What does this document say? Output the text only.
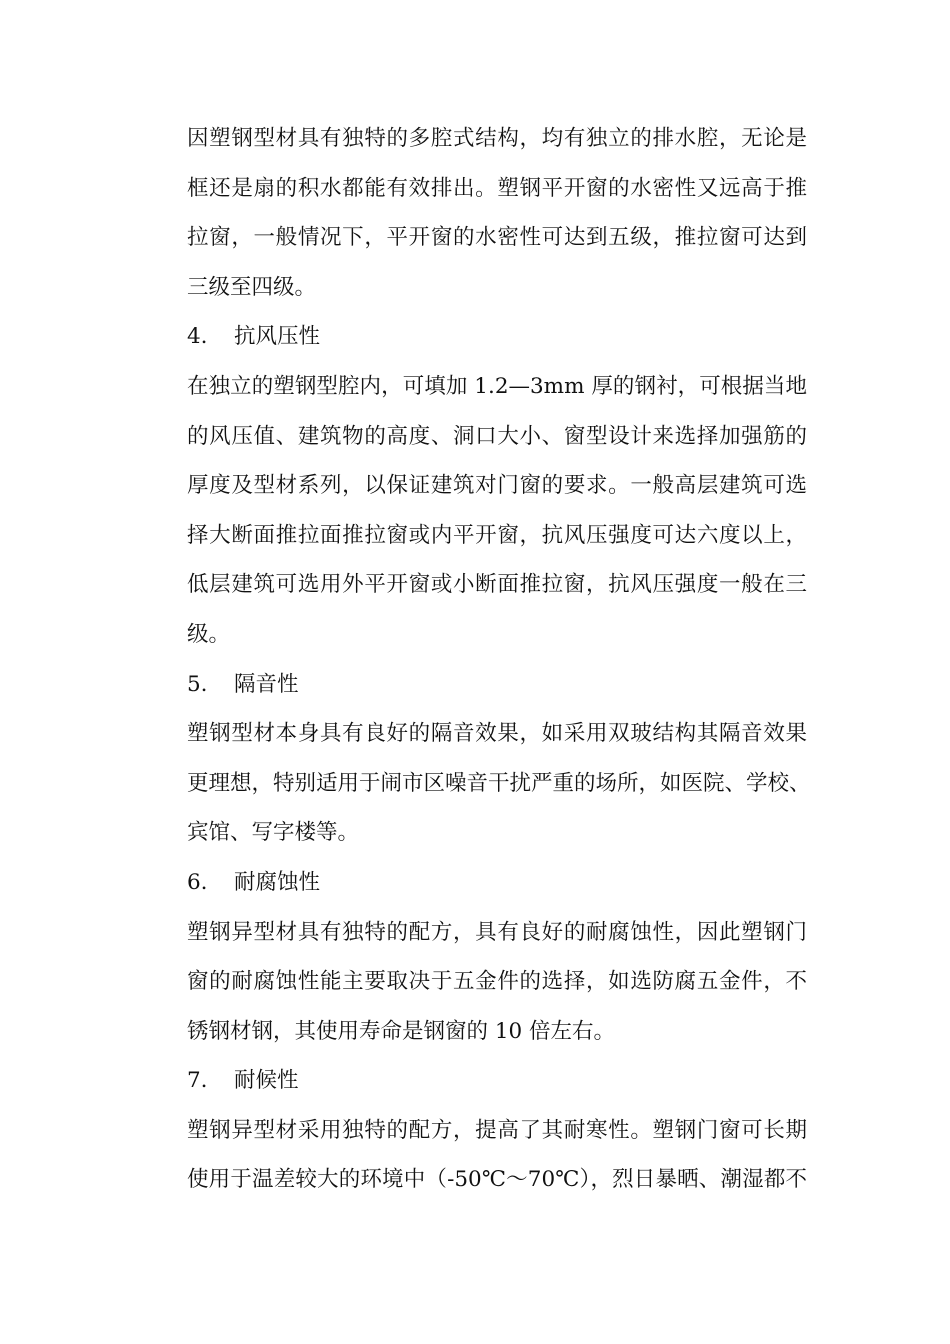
因塑钢型材具有独特的多腔式结构，均有独立的排水腔，无论是
框还是扇的积水都能有效排出。塑钢平开窗的水密性又远高于推
拉窗，一般情况下，平开窗的水密性可达到五级，推拉窗可达到
三级至四级。
4.	抗风压性
在独立的塑钢型腔内，可填加 1.2—3mm 厚的钢衬，可根据当地
的风压值、建筑物的高度、洞口大小、窗型设计来选择加强筋的
厚度及型材系列，以保证建筑对门窗的要求。一般高层建筑可选
择大断面推拉面推拉窗或内平开窗，抗风压强度可达六度以上，
低层建筑可选用外平开窗或小断面推拉窗，抗风压强度一般在三
级。
5.	隔音性
塑钢型材本身具有良好的隔音效果，如采用双玻结构其隔音效果
更理想，特别适用于闹市区噪音干扰严重的场所，如医院、学校、
宾馆、写字楼等。
6.	耐腐蚀性
塑钢异型材具有独特的配方，具有良好的耐腐蚀性，因此塑钢门
窗的耐腐蚀性能主要取决于五金件的选择，如选防腐五金件，不
锈钢材钢，其使用寿命是钢窗的 10 倍左右。
7.	耐候性
塑钢异型材采用独特的配方，提高了其耐寒性。塑钢门窗可长期
使用于温差较大的环境中（-50℃～70℃），烈日暴晒、潮湿都不
